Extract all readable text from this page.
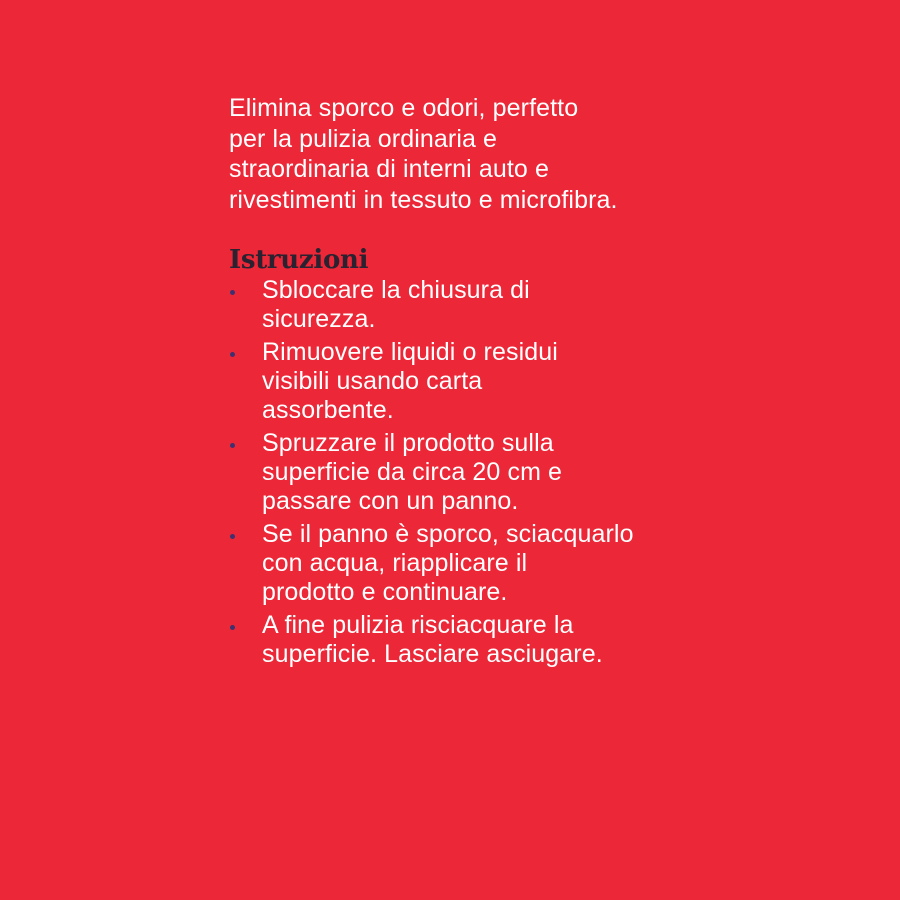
Elimina sporco e odori, perfetto
per la pulizia ordinaria e
straordinaria di interni auto e
rivestimenti in tessuto e microfibra.

Istruzioni
Sbloccare la chiusura di
sicurezza.
Rimuovere liquidi o residui
visibili usando carta
assorbente.
Spruzzare il prodotto sulla
superficie da circa 20 cm e
passare con un panno.
Se il panno è sporco, sciacquarlo
con acqua, riapplicare il
prodotto e continuare.
A fine pulizia risciacquare la
superficie. Lasciare asciugare.
